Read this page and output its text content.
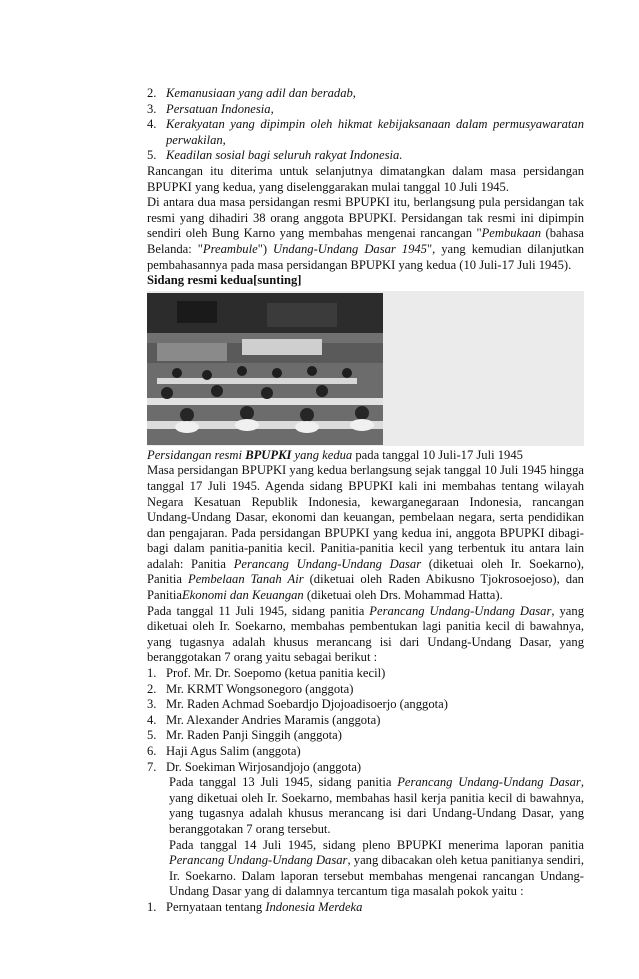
2. Kemanusiaan yang adil dan beradab,
3. Persatuan Indonesia,
4. Kerakyatan yang dipimpin oleh hikmat kebijaksanaan dalam permusyawaratan perwakilan,
5. Keadilan sosial bagi seluruh rakyat Indonesia.

Rancangan itu diterima untuk selanjutnya dimatangkan dalam masa persidangan BPUPKI yang kedua, yang diselenggarakan mulai tanggal 10 Juli 1945.

Di antara dua masa persidangan resmi BPUPKI itu, berlangsung pula persidangan tak resmi yang dihadiri 38 orang anggota BPUPKI. Persidangan tak resmi ini dipimpin sendiri oleh Bung Karno yang membahas mengenai rancangan "Pembukaan (bahasa Belanda: "Preambule") Undang-Undang Dasar 1945", yang kemudian dilanjutkan pembahasannya pada masa persidangan BPUPKI yang kedua (10 Juli-17 Juli 1945).

Sidang resmi kedua[sunting]
Persidangan resmi BPUPKI yang kedua pada tanggal 10 Juli-17 Juli 1945

Masa persidangan BPUPKI yang kedua berlangsung sejak tanggal 10 Juli 1945 hingga tanggal 17 Juli 1945. Agenda sidang BPUPKI kali ini membahas tentang wilayah Negara Kesatuan Republik Indonesia, kewarganegaraan Indonesia, rancangan Undang-Undang Dasar, ekonomi dan keuangan, pembelaan negara, serta pendidikan dan pengajaran. Pada persidangan BPUPKI yang kedua ini, anggota BPUPKI dibagi-bagi dalam panitia-panitia kecil. Panitia-panitia kecil yang terbentuk itu antara lain adalah: Panitia Perancang Undang-Undang Dasar (diketuai oleh Ir. Soekarno), Panitia Pembelaan Tanah Air (diketuai oleh Raden Abikusno Tjokrosoejoso), dan PanitiaEkonomi dan Keuangan (diketuai oleh Drs. Mohammad Hatta).

Pada tanggal 11 Juli 1945, sidang panitia Perancang Undang-Undang Dasar, yang diketuai oleh Ir. Soekarno, membahas pembentukan lagi panitia kecil di bawahnya, yang tugasnya adalah khusus merancang isi dari Undang-Undang Dasar, yang beranggotakan 7 orang yaitu sebagai berikut :

1. Prof. Mr. Dr. Soepomo (ketua panitia kecil)
2. Mr. KRMT Wongsonegoro (anggota)
3. Mr. Raden Achmad Soebardjo Djojoadisoerjo (anggota)
4. Mr. Alexander Andries Maramis (anggota)
5. Mr. Raden Panji Singgih (anggota)
6. Haji Agus Salim (anggota)
7. Dr. Soekiman Wirjosandjojo (anggota)

Pada tanggal 13 Juli 1945, sidang panitia Perancang Undang-Undang Dasar, yang diketuai oleh Ir. Soekarno, membahas hasil kerja panitia kecil di bawahnya, yang tugasnya adalah khusus merancang isi dari Undang-Undang Dasar, yang beranggotakan 7 orang tersebut.

Pada tanggal 14 Juli 1945, sidang pleno BPUPKI menerima laporan panitia Perancang Undang-Undang Dasar, yang dibacakan oleh ketua panitianya sendiri, Ir. Soekarno. Dalam laporan tersebut membahas mengenai rancangan Undang-Undang Dasar yang di dalamnya tercantum tiga masalah pokok yaitu :

1. Pernyataan tentang Indonesia Merdeka
